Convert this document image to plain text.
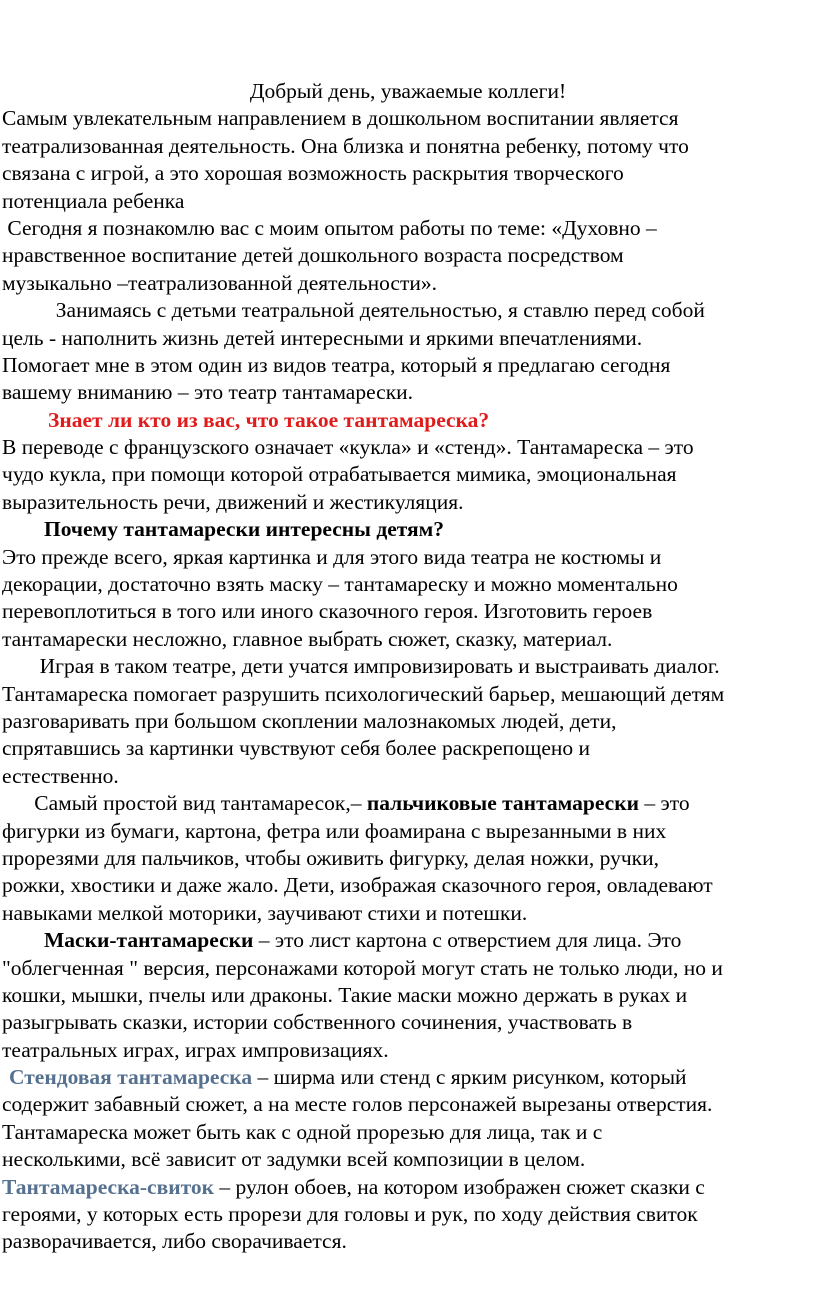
Добрый день, уважаемые коллеги!
Самым увлекательным направлением в дошкольном воспитании является
театрализованная деятельность. Она близка и понятна ребенку, потому что
связана с игрой, а это хорошая возможность раскрытия творческого
потенциала ребенка
Сегодня я познакомлю вас с моим опытом работы по теме: «Духовно –
нравственное воспитание детей дошкольного возраста посредством
музыкально –театрализованной деятельности».
Занимаясь с детьми театральной деятельностью, я ставлю перед собой
цель - наполнить жизнь детей интересными и яркими впечатлениями.
Помогает мне в этом один из видов театра, который я предлагаю сегодня
вашему вниманию – это театр тантамарески.
Знает ли кто из вас, что такое тантамареска?
В переводе с французского означает «кукла» и «стенд». Тантамареска – это
чудо кукла, при помощи которой отрабатывается мимика, эмоциональная
выразительность речи, движений и жестикуляция.
Почему тантамарески интересны детям?
Это прежде всего, яркая картинка и для этого вида театра не костюмы и
декорации, достаточно взять маску – тантамареску и можно моментально
перевоплотиться в того или иного сказочного героя. Изготовить героев
тантамарески несложно, главное выбрать сюжет, сказку, материал.
Играя в таком театре, дети учатся импровизировать и выстраивать диалог.
Тантамареска помогает разрушить психологический барьер, мешающий детям
разговаривать при большом скоплении малознакомых людей, дети,
спрятавшись за картинки чувствуют себя более раскрепощено и
естественно.
Самый простой вид тантамаресок,– пальчиковые тантамарески – это
фигурки из бумаги, картона, фетра или фоамирана с вырезанными в них
прорезями для пальчиков, чтобы оживить фигурку, делая ножки, ручки,
рожки, хвостики и даже жало. Дети, изображая сказочного героя, овладевают
навыками мелкой моторики, заучивают стихи и потешки.
Маски-тантамарески – это лист картона с отверстием для лица. Это
"облегченная " версия, персонажами которой могут стать не только люди, но и
кошки, мышки, пчелы или драконы. Такие маски можно держать в руках и
разыгрывать сказки, истории собственного сочинения, участвовать в
театральных играх, играх импровизациях.
Стендовая тантамареска – ширма или стенд с ярким рисунком, который
содержит забавный сюжет, а на месте голов персонажей вырезаны отверстия.
Тантамареска может быть как с одной прорезью для лица, так и с
несколькими, всё зависит от задумки всей композиции в целом.
Тантамареска-свиток – рулон обоев, на котором изображен сюжет сказки с
героями, у которых есть прорези для головы и рук, по ходу действия свиток
разворачивается, либо сворачивается.
